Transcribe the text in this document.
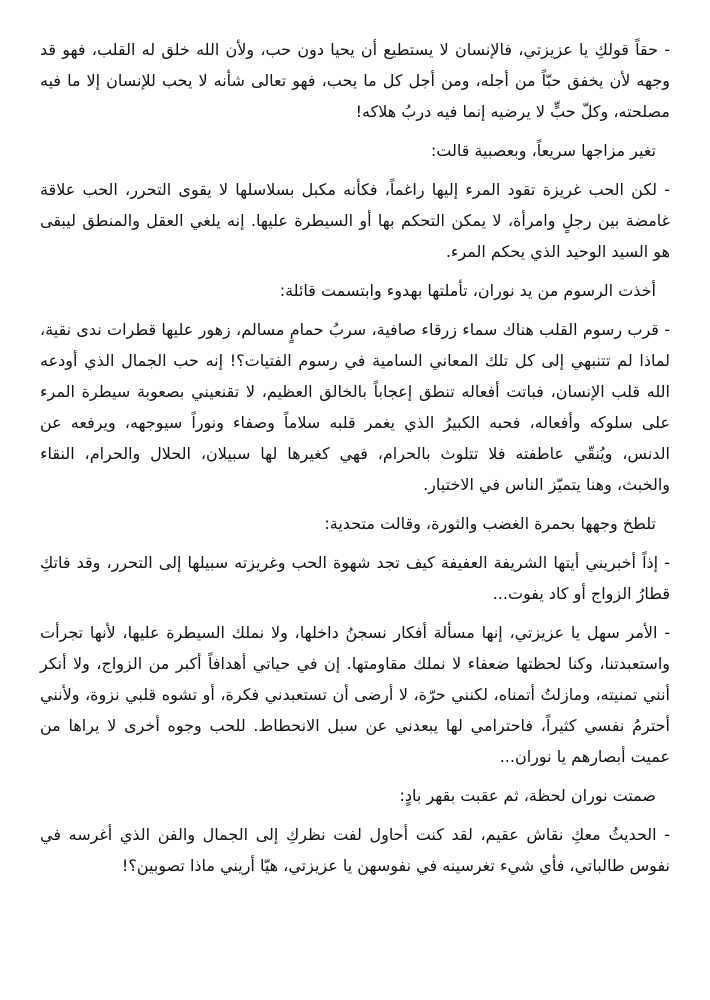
- حقاً قولكِ يا عزيزتي، فالإنسان لا يستطيع أن يحيا دون حب، ولأن الله خلق له القلب، فهو قد وجهه لأن يخفق حبّاً من أجله، ومن أجل كل ما يحب، فهو تعالى شأنه لا يحب للإنسان إلا ما فيه مصلحته، وكلّ حبٍّ لا يرضيه إنما فيه دربُ هلاكه!

تغير مزاجها سريعاً، وبعصبية قالت:

- لكن الحب غريزة تقود المرء إليها راغماً، فكأنه مكبل بسلاسلها لا يقوى التحرر، الحب علاقة غامضة بين رجلٍ وامرأة، لا يمكن التحكم بها أو السيطرة عليها. إنه يلغي العقل والمنطق ليبقى هو السيد الوحيد الذي يحكم المرء.

أخذت الرسوم من يد نوران، تأملتها بهدوء وابتسمت قائلة:

- قرب رسوم القلب هناك سماء زرقاء صافية، سربُ حمامٍ مسالم، زهور عليها قطرات ندى نقية، لماذا لم تتنبهي إلى كل تلك المعاني السامية في رسوم الفتيات؟! إنه حب الجمال الذي أودعه الله قلب الإنسان، فباتت أفعاله تنطق إعجاباً بالخالق العظيم، لا تقنعيني بصعوبة سيطرة المرء على سلوكه وأفعاله، فحبه الكبيرُ الذي يغمر قلبه سلاماً وصفاء ونوراً سيوجهه، ويرفعه عن الدنس، ويُنقّي عاطفته فلا تتلوث بالحرام، فهي كغيرها لها سبيلان، الحلال والحرام، النقاء والخبث، وهنا يتميّز الناس في الاختيار.

تلطخ وجهها بحمرة الغضب والثورة، وقالت متحدية:

- إذاً أخبريني أيتها الشريفة العفيفة كيف تجد شهوة الحب وغريزته سبيلها إلى التحرر، وقد فاتكِ قطارُ الزواج أو كاد يفوت...

- الأمر سهل يا عزيزتي، إنها مسألة أفكار نسجنُ داخلها، ولا نملك السيطرة عليها، لأنها تجرأت واستعبدتنا، وكنا لحظتها ضعفاء لا نملك مقاومتها. إن في حياتي أهدافاً أكبر من الزواج، ولا أنكر أنني تمنيته، ومازلتُ أتمناه، لكنني حرّة، لا أرضى أن تستعبدني فكرة، أو تشوه قلبي نزوة، ولأنني أحترمُ نفسي كثيراً، فاحترامي لها يبعدني عن سبل الانحطاط. للحب وجوه أخرى لا يراها من عميت أبصارهم يا نوران...

صمتت نوران لحظة، ثم عقبت بقهر بادٍ:

- الحديثُ معكِ نقاش عقيم، لقد كنت أحاول لفت نظركِ إلى الجمال والفن الذي أغرسه في نفوس طالباتي، فأي شيء تغرسينه في نفوسهن يا عزيزتي، هيّا أريني ماذا تصوبين؟!
